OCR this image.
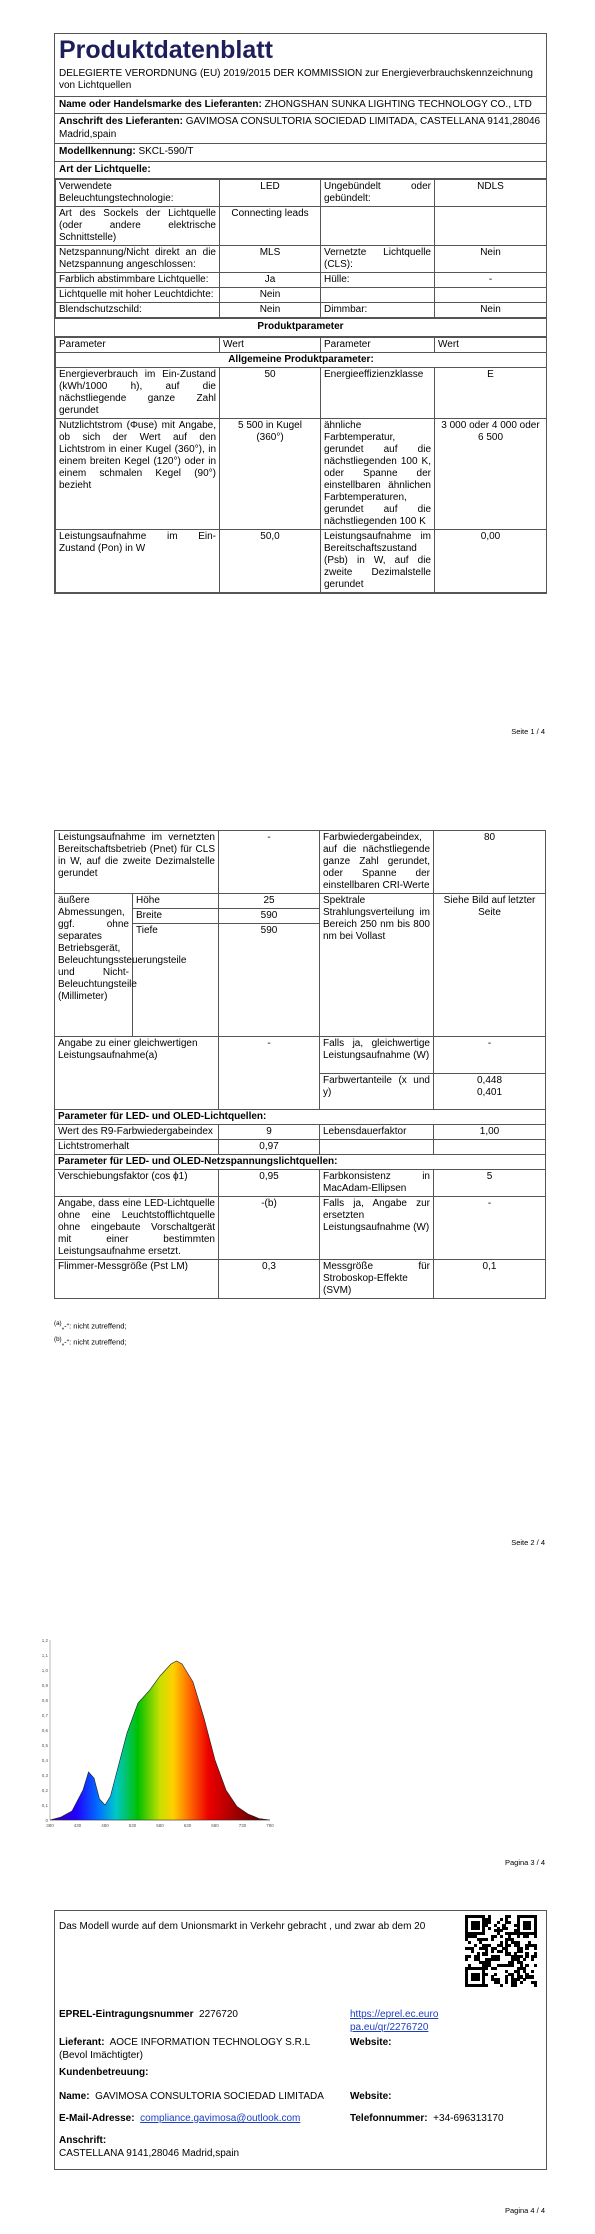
Produktdatenblatt
DELEGIERTE VERORDNUNG (EU) 2019/2015 DER KOMMISSION zur Energieverbrauchskennzeichnung von Lichtquellen
Name oder Handelsmarke des Lieferanten: ZHONGSHAN SUNKA LIGHTING TECHNOLOGY CO., LTD
Anschrift des Lieferanten: GAVIMOSA CONSULTORIA SOCIEDAD LIMITADA, CASTELLANA 9141,28046 Madrid,spain
Modellkennung: SKCL-590/T
Art der Lichtquelle:
Verwendete Beleuchtungstechnologie:	LED	Ungebündelt oder gebündelt:	NDLS
Art des Sockels der Lichtquelle (oder andere elektrische Schnittstelle)	Connecting leads		
Netzspannung/Nicht direkt an die Netzspannung angeschlossen:	MLS	Vernetzte Lichtquelle (CLS):	Nein
Farblich abstimmbare Lichtquelle:	Ja	Hülle:	-
Lichtquelle mit hoher Leuchtdichte:	Nein		
Blendschutzschild:	Nein	Dimmbar:	Nein
Produktparameter
Parameter	Wert	Parameter	Wert
Allgemeine Produktparameter:			
Energieverbrauch im Ein-Zustand (kWh/1000 h), auf die nächstliegende ganze Zahl gerundet	50	Energieeffizienzklasse	E
Nutzlichtstrom (Φuse) mit Angabe, ob sich der Wert auf den Lichtstrom in einer Kugel (360°), in einem breiten Kegel (120°) oder in einem schmalen Kegel (90°) bezieht	5 500 in Kugel (360°)	ähnliche Farbtemperatur, gerundet auf die nächstliegenden 100 K, oder Spanne der einstellbaren ähnlichen Farbtemperaturen, gerundet auf die nächstliegenden 100 K	3 000 oder 4 000 oder 6 500
Leistungsaufnahme im Ein-Zustand (Pon) in W	50,0	Leistungsaufnahme im Bereitschaftszustand (Psb) in W, auf die zweite Dezimalstelle gerundet	0,00
Seite 1 / 4
Leistungsaufnahme im vernetzten Bereitschaftsbetrieb (Pnet) für CLS in W, auf die zweite Dezimalstelle gerundet		-	Farbwiedergabeindex, auf die nächstliegende ganze Zahl gerundet, oder Spanne der einstellbaren CRI-Werte	80
äußere Abmessungen, ggf. ohne separates Betriebsgerät, Beleuchtungssteuerungsteile und Nicht-Beleuchtungsteile (Millimeter)	Höhe	25	Spektrale Strahlungsverteilung im Bereich 250 nm bis 800 nm bei Vollast	Siehe Bild auf letzter Seite
	Breite	590		
	Tiefe	590		
Angabe zu einer gleichwertigen Leistungsaufnahme(a)		-	Falls ja, gleichwertige Leistungsaufnahme (W)	-
			Farbwertanteile (x und y)	0,448
0,401

Parameter für LED- und OLED-Lichtquellen:				
Wert des R9-Farbwiedergabeindex		9	Lebensdauerfaktor	1,00
Lichtstromerhalt		0,97		
Parameter für LED- und OLED-Netzspannungslichtquellen:				
Verschiebungsfaktor (cos ϕ1)		0,95	Farbkonsistenz in MacAdam-Ellipsen	5
Angabe, dass eine LED-Lichtquelle ohne eine Leuchtstofflichtquelle ohne eingebaute Vorschaltgerät mit einer bestimmten Leistungsaufnahme ersetzt.		-(b)	Falls ja, Angabe zur ersetzten Leistungsaufnahme (W)	-
Flimmer-Messgröße (Pst LM)		0,3	Messgröße für Stroboskop-Effekte (SVM)	0,1
$^{(a)}$„-“: nicht zutreffend;
$^{(b)}$„-“: nicht zutreffend;
Seite 2 / 4
0
0,1
0,2
0,3
0,4
0,5
0,6
0,7
0,8
0,9
1,0
1,1
1,2
380	430	480	530	580	630	680	730	780
Pagina 3 / 4
Das Modell wurde auf dem Unionsmarkt in Verkehr gebracht , und zwar ab dem 20
EPREL-Eintragungsnummer 2276720	https://eprel.ec.europa.eu/qr/2276720
Lieferant: AOCE INFORMATION TECHNOLOGY S.R.L (Bevol Imächtigter)
Website:
Kundenbetreuung:
Name: GAVIMOSA CONSULTORIA SOCIEDAD LIMITADA	Website:
E-Mail-Adresse: compliance.gavimosa@outlook.com	Telefonnummer: +34-696313170
Anschrift:
CASTELLANA 9141,28046 Madrid,spain
Pagina 4 / 4
